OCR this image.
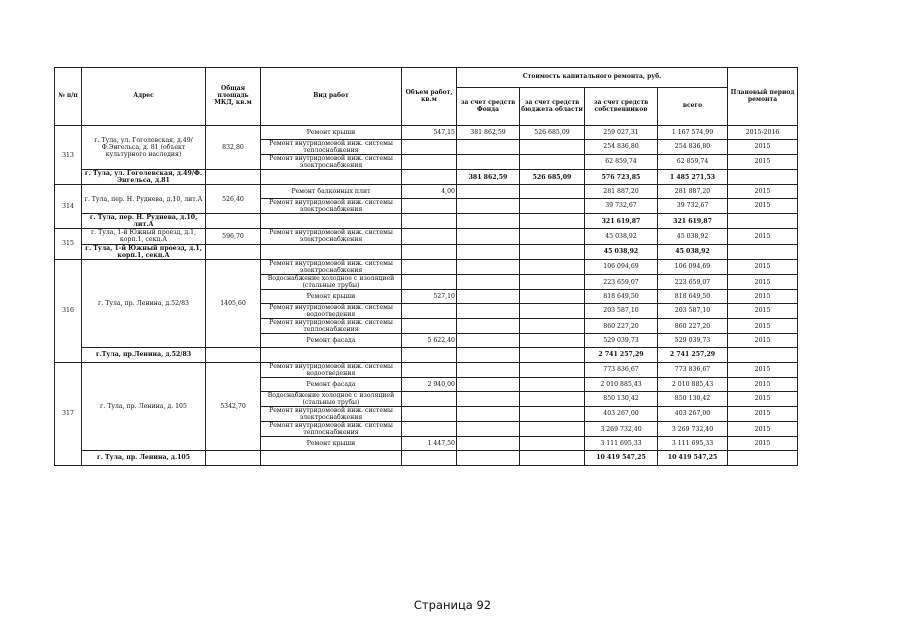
№ п/п	Адрес	Общая площадь МКД, кв.м	Вид работ	Объем работ, кв.м	Стоимость капитального ремонта, руб.				Плановый период ремонта
					за счет средств Фонда	за счет средств бюджета области	за счет средств собственников	всего	
313	г. Тула, ул. Гоголевская, д.49/Ф.Энгельса, д. 81 (объект культурного наследия)	832,80	Ремонт крыши	547,15	381 862,59	526 685,09	259 027,31	1 167 574,99	2015-2016
			Ремонт внутридомовой инж. системы теплоснабжения				254 836,80	254 836,80	2015
			Ремонт внутридомовой инж. системы электроснабжения				62 859,74	62 859,74	2015
	г. Тула, ул. Гоголевская, д.49/Ф. Энгельса, д.81				381 862,59	526 685,09	576 723,85	1 485 271,53	
314	г. Тула, пер. Н. Руднева, д.10, лит.А	526,40	Ремонт балконных плит	4,00			281 887,20	281 887,20	2015
			Ремонт внутридомовой инж. системы электроснабжения				39 732,67	39 732,67	2015
	г. Тула, пер. Н. Руднева, д.10, лит.А						321 619,87	321 619,87	
315	г. Тула, 1-й Южный проезд, д.1, корп.1, секц.А	596,70	Ремонт внутридомовой инж. системы электроснабжения				45 038,92	45 038,92	2015
	г. Тула, 1-й Южный проезд, д.1, корп.1, секц.А						45 038,92	45 038,92	
316	г. Тула, пр. Ленина, д.52/83	1405,60	Ремонт внутридомовой инж. системы электроснабжения				106 094,69	106 094,69	2015
			Водоснабжение холодное с изоляцией (стальные трубы)				223 659,07	223 659,07	2015
			Ремонт крыши	527,10			818 649,50	818 649,50	2015
			Ремонт внутридомовой инж. системы водоотведения				203 587,10	203 587,10	2015
			Ремонт внутридомовой инж. системы теплоснабжения				860 227,20	860 227,20	2015
			Ремонт фасада	5 622,40			529 039,73	529 039,73	2015
	г.Тула, пр.Ленина, д.52/83						2 741 257,29	2 741 257,29	
317	г. Тула, пр. Ленина, д. 105	5342,70	Ремонт внутридомовой инж. системы водоотведения				773 836,67	773 836,67	2015
			Ремонт фасада	2 940,00			2 010 885,43	2 010 885,43	2015
			Водоснабжение холодное с изоляцией (стальные трубы)				850 130,42	850 130,42	2015
			Ремонт внутридомовой инж. системы электроснабжения				403 267,00	403 267,00	2015
			Ремонт внутридомовой инж. системы теплоснабжения				3 269 732,40	3 269 732,40	2015
			Ремонт крыши	1 447,50			3 111 695,33	3 111 695,33	2015
	г. Тула, пр. Ленина, д.105						10 419 547,25	10 419 547,25	
Страница 92
